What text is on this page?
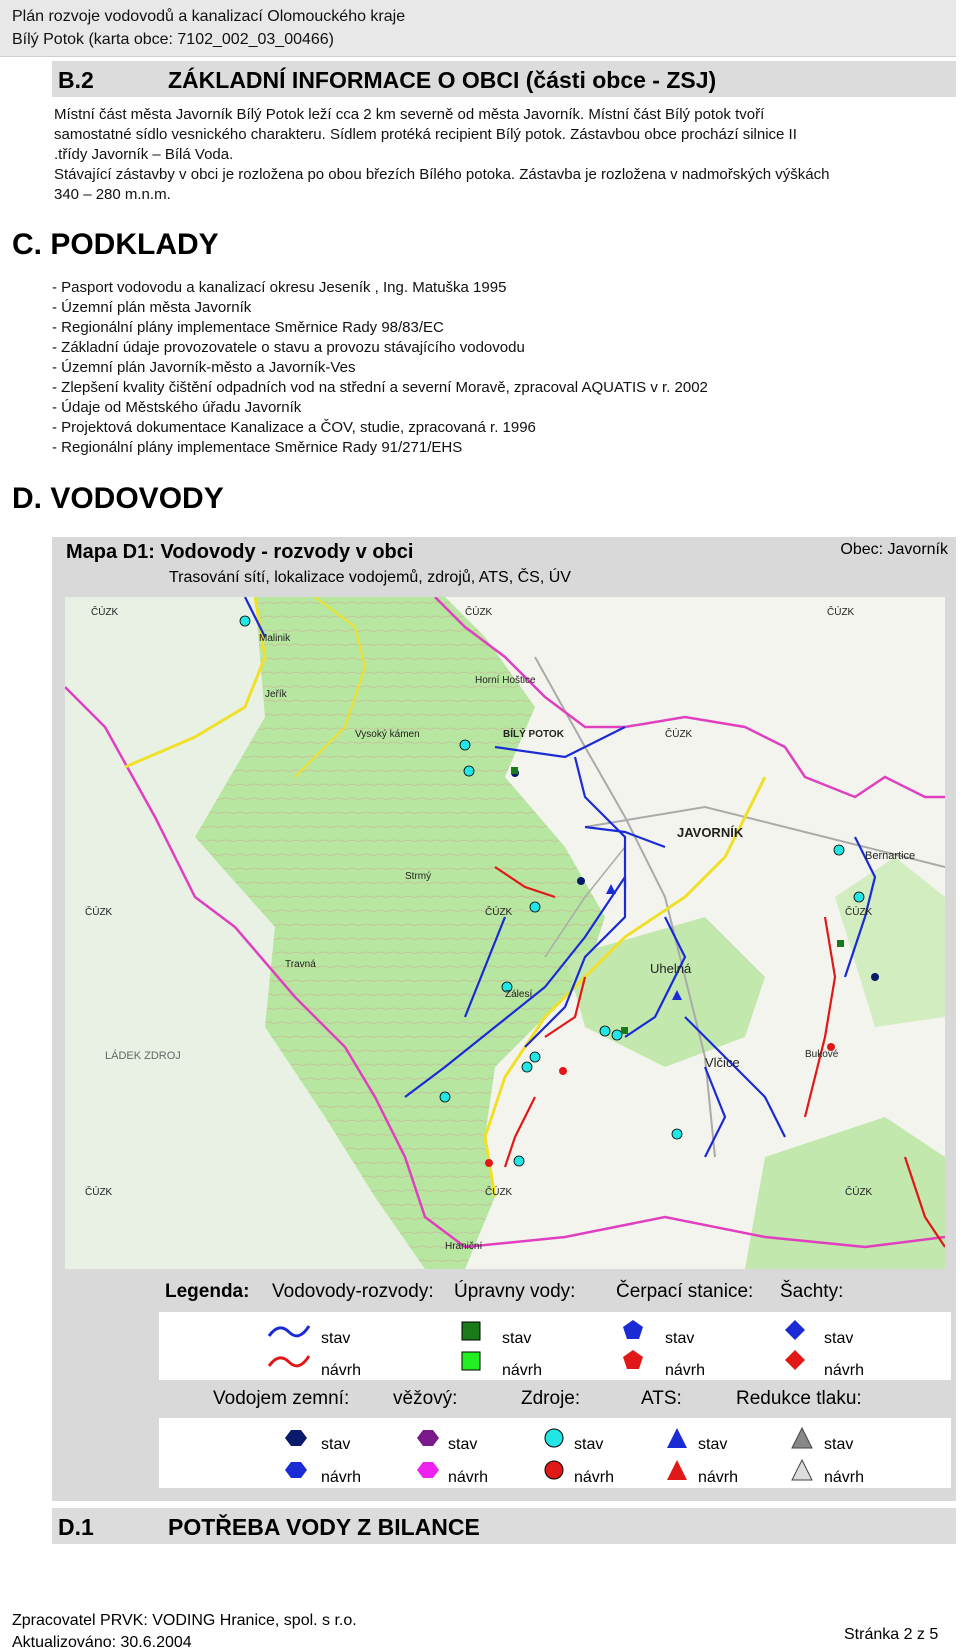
Plán rozvoje vodovodů a kanalizací Olomouckého kraje
Bílý Potok (karta obce: 7102_002_03_00466)
B.2	ZÁKLADNÍ INFORMACE O OBCI (části obce - ZSJ)
Místní část města Javorník Bílý Potok leží cca 2 km severně od města Javorník. Místní část Bílý potok tvoří
samostatné sídlo vesnického charakteru. Sídlem protéká recipient Bílý potok. Zástavbou obce prochází silnice II
.třídy Javorník – Bílá Voda.
Stávající zástavby v obci je rozložena po obou březích Bílého potoka. Zástavba je rozložena v nadmořských výškách
340 – 280 m.n.m.
C. PODKLADY
- Pasport vodovodu a kanalizací okresu Jeseník , Ing. Matuška 1995
- Územní plán města Javorník
- Regionální plány implementace Směrnice Rady 98/83/EC
- Základní údaje provozovatele o stavu a provozu stávajícího vodovodu
- Územní plán Javorník-město a Javorník-Ves
- Zlepšení kvality čištění odpadních vod na střední a severní Moravě, zpracoval AQUATIS v r. 2002
- Údaje od Městského úřadu Javorník
- Projektová dokumentace Kanalizace a ČOV, studie, zpracovaná r. 1996
- Regionální plány implementace Směrnice Rady 91/271/EHS
D. VODOVODY
Mapa D1: Vodovody - rozvody v obci
Trasování sítí, lokalizace vodojemů, zdrojů, ATS, ČS, ÚV
Obec: Javorník
ČÚZK	ČÚZK	ČÚZK
ČÚZK	ČÚZK	ČÚZK
ČÚZK	ČÚZK	ČÚZK
ČÚZK
BÍLÝ POTOK
JAVORNÍK
Uhelná
Vlčice
LÁDEK ZDROJ
Bernartice
Malinik
Jeřík
Strmý
Travná
Zálesí
Bukové
Horní Hoštice
Vysoký kámen
Hraniční
Legenda: Vodovody-rozvody: Úpravny vody: Čerpací stanice: Šachty:
stav
návrh
stav
návrh
stav
návrh
stav
návrh
Vodojem zemní: věžový:	Zdroje:	ATS:	Redukce tlaku:
stav
návrh
stav
návrh
stav
návrh
stav
návrh
stav
návrh
D.1	POTŘEBA VODY Z BILANCE
Zpracovatel PRVK: VODING Hranice, spol. s r.o.
Aktualizováno: 30.6.2004	Stránka 2 z 5
